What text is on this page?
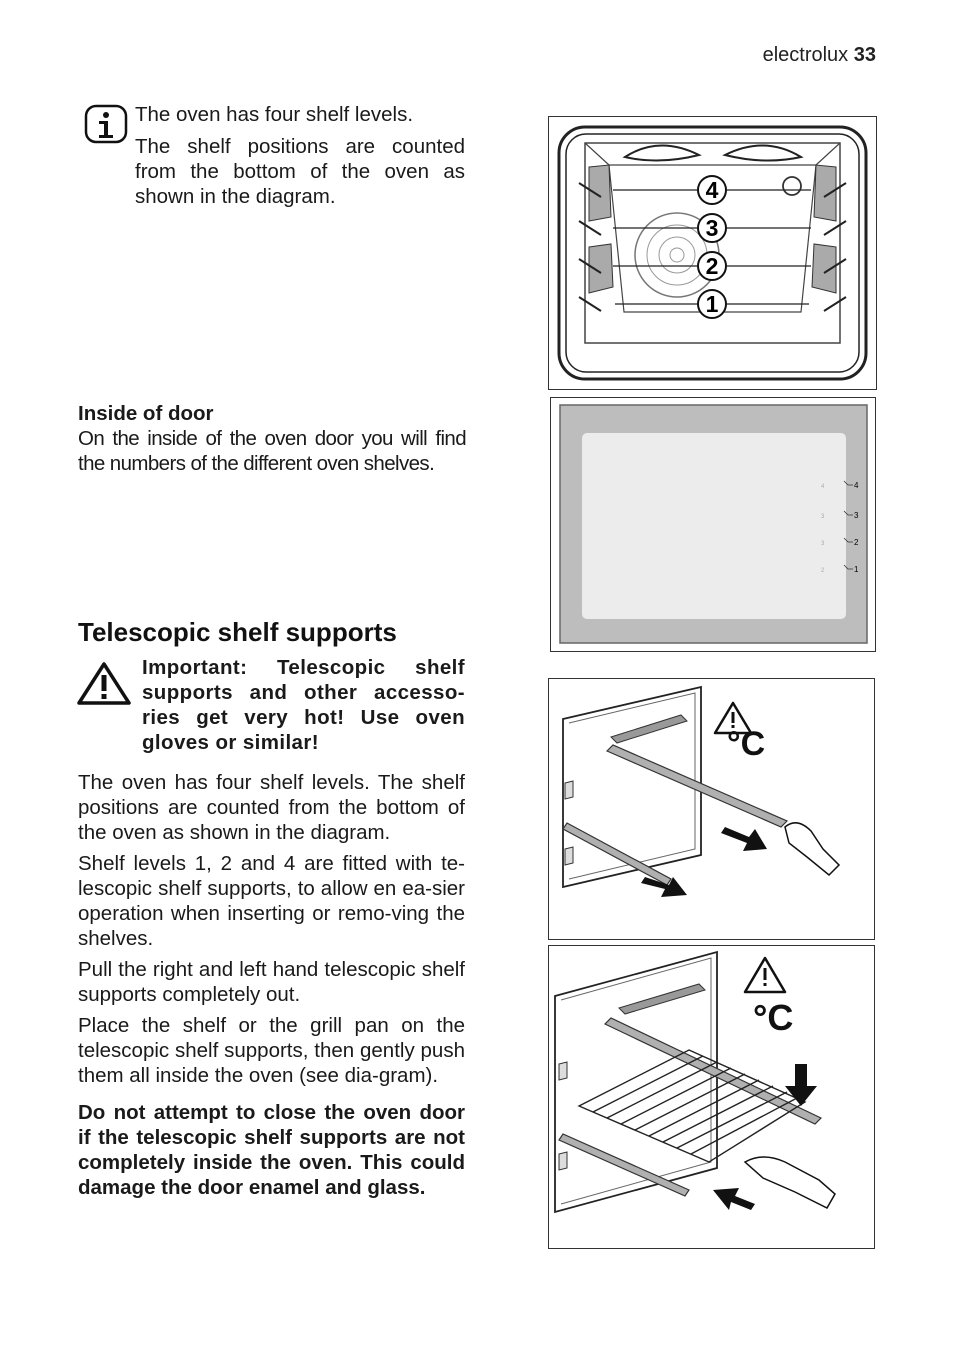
electrolux 33

The oven has four shelf levels.

The shelf positions are counted from the bottom of the oven as shown in the diagram.

Inside of door

On the inside of the oven door you will find the numbers of the different oven shelves.

Telescopic shelf supports

Important: Telescopic shelf supports and other accesso-ries get very hot! Use oven gloves or similar!

The oven has four shelf levels. The shelf positions are counted from the bottom of the oven as shown in the diagram.

Shelf levels 1, 2 and 4 are fitted with te-lescopic shelf supports, to allow en ea-sier operation when inserting or remo-ving the shelves.

Pull the right and left hand telescopic shelf supports completely out.

Place the shelf or the grill pan on the telescopic shelf supports, then gently push them all inside the oven (see dia-gram).

Do not attempt to close the oven door if the telescopic shelf supports are not completely inside the oven. This could damage the door enamel and glass.

4
3
2
1
4
4
3
3
2
3
1
2
°C
°C
